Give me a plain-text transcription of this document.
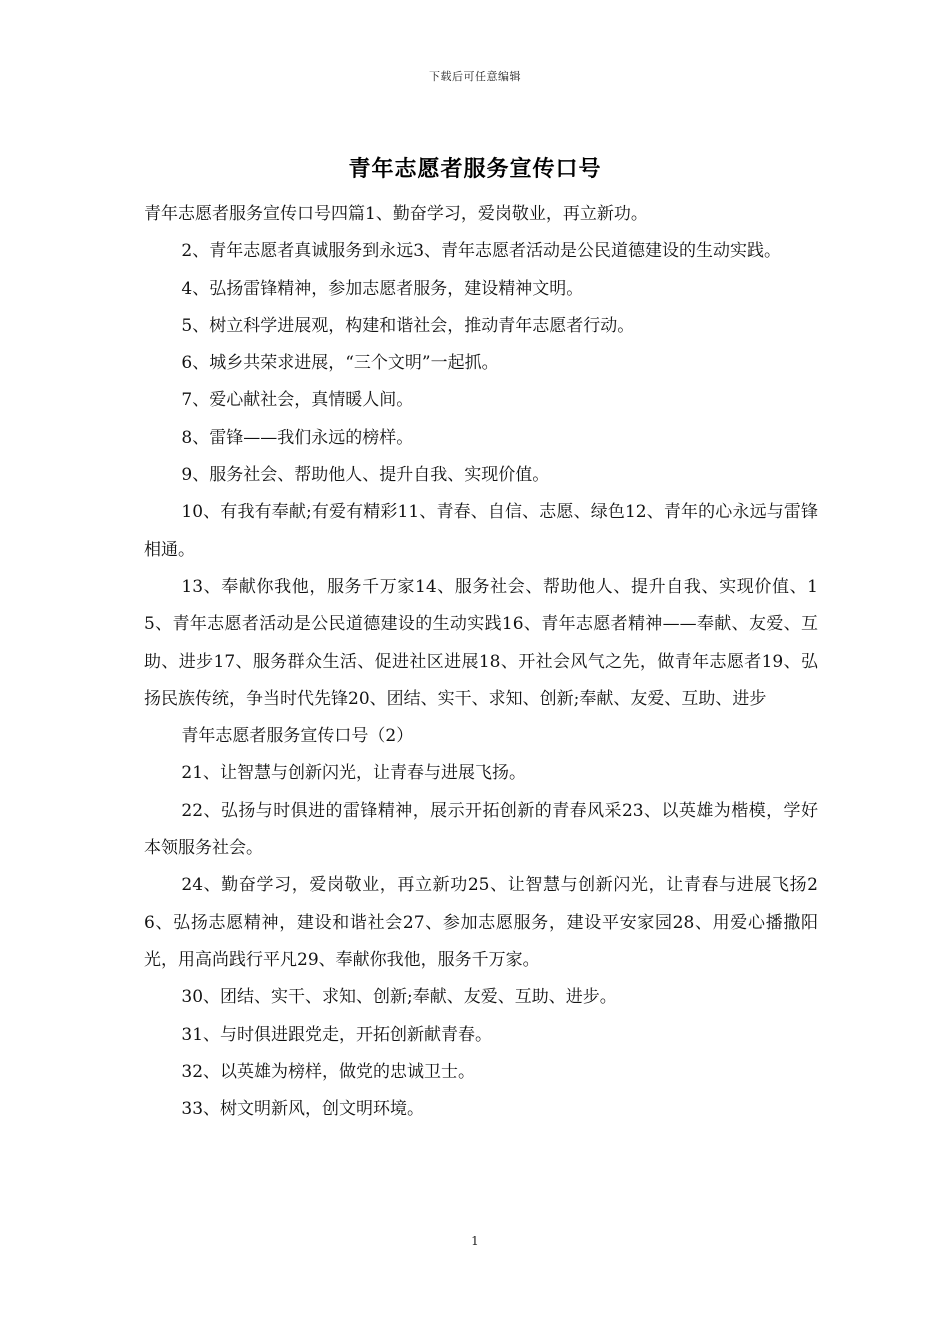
下载后可任意编辑
青年志愿者服务宣传口号

青年志愿者服务宣传口号四篇1、勤奋学习，爱岗敬业，再立新功。

2、青年志愿者真诚服务到永远3、青年志愿者活动是公民道德建设的生动实践。

4、弘扬雷锋精神，参加志愿者服务，建设精神文明。

5、树立科学进展观，构建和谐社会，推动青年志愿者行动。

6、城乡共荣求进展，“三个文明”一起抓。

7、爱心献社会，真情暖人间。

8、雷锋——我们永远的榜样。

9、服务社会、帮助他人、提升自我、实现价值。

10、有我有奉献;有爱有精彩11、青春、自信、志愿、绿色12、青年的心永远与雷锋相通。

13、奉献你我他，服务千万家14、服务社会、帮助他人、提升自我、实现价值、15、青年志愿者活动是公民道德建设的生动实践16、青年志愿者精神——奉献、友爱、互助、进步17、服务群众生活、促进社区进展18、开社会风气之先，做青年志愿者19、弘扬民族传统，争当时代先锋20、团结、实干、求知、创新;奉献、友爱、互助、进步

青年志愿者服务宣传口号（2）

21、让智慧与创新闪光，让青春与进展飞扬。

22、弘扬与时俱进的雷锋精神，展示开拓创新的青春风采23、以英雄为楷模，学好本领服务社会。

24、勤奋学习，爱岗敬业，再立新功25、让智慧与创新闪光，让青春与进展飞扬26、弘扬志愿精神，建设和谐社会27、参加志愿服务，建设平安家园28、用爱心播撒阳光，用高尚践行平凡29、奉献你我他，服务千万家。

30、团结、实干、求知、创新;奉献、友爱、互助、进步。

31、与时俱进跟党走，开拓创新献青春。

32、以英雄为榜样，做党的忠诚卫士。

33、树文明新风，创文明环境。

1
